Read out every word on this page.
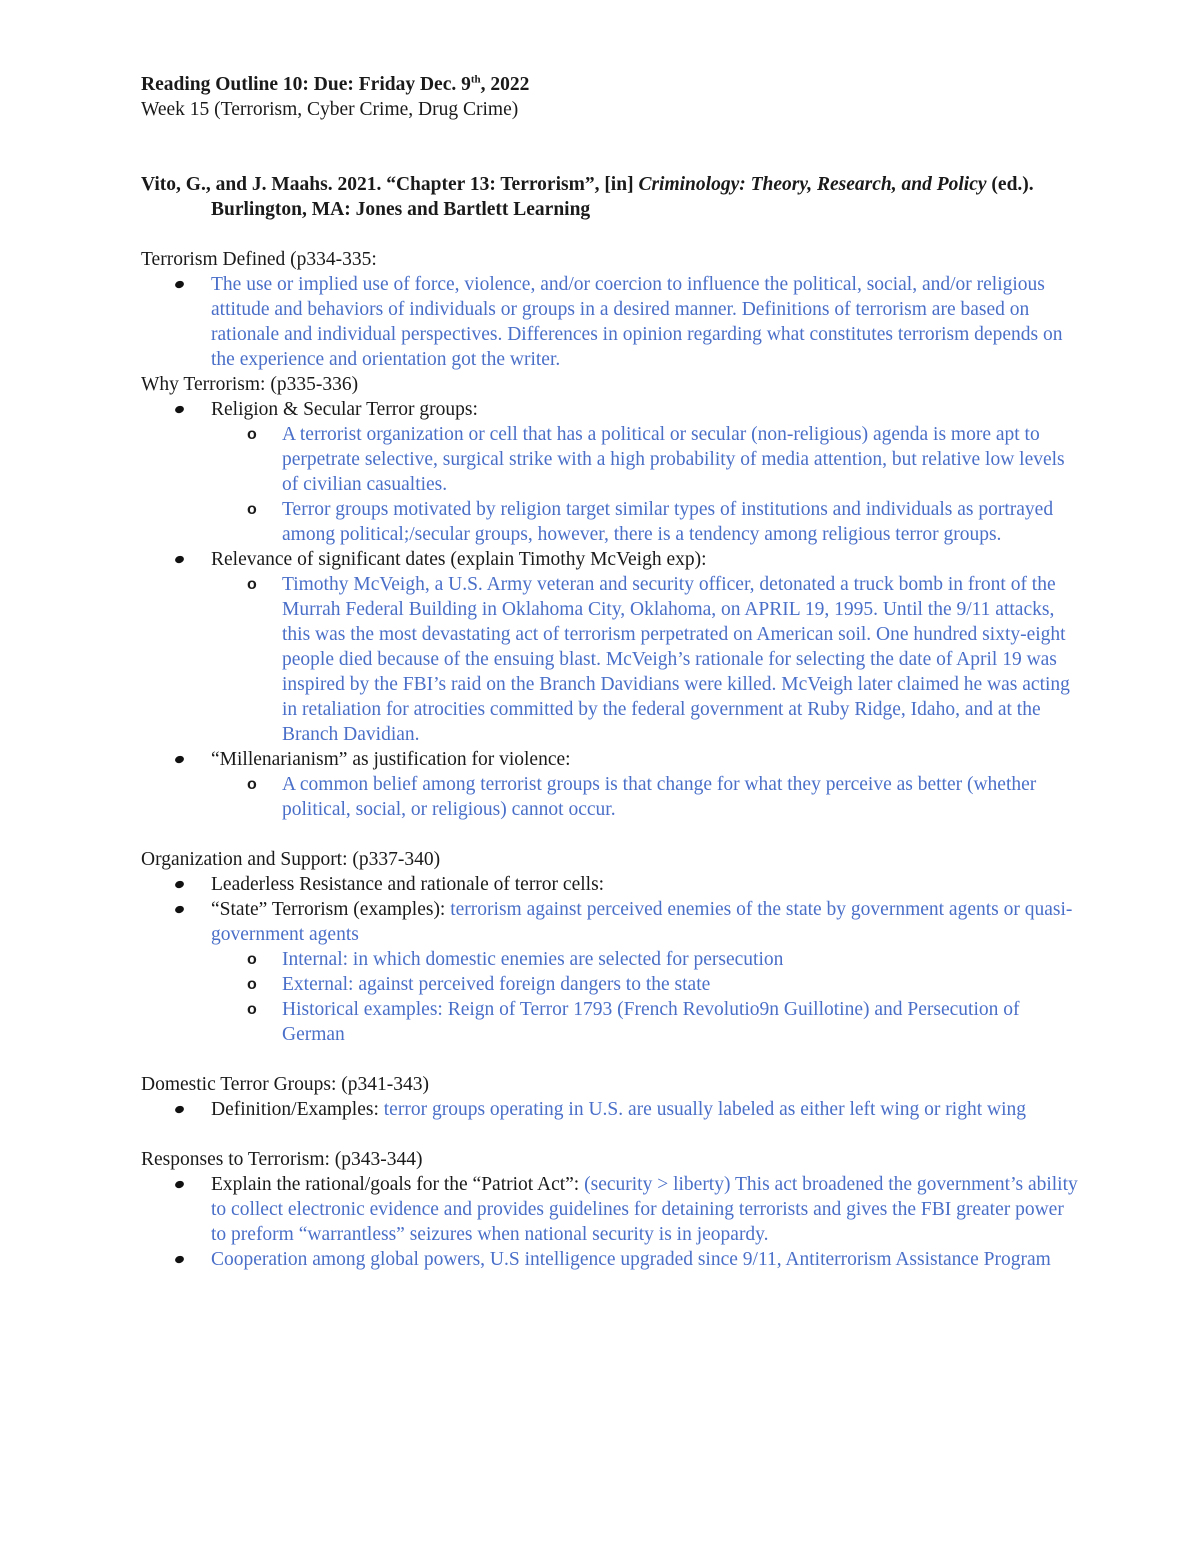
Reading Outline 10: Due: Friday Dec. 9th, 2022
Week 15 (Terrorism, Cyber Crime, Drug Crime)
Vito, G., and J. Maahs. 2021. “Chapter 13: Terrorism”, [in] Criminology: Theory, Research, and Policy (ed.). Burlington, MA: Jones and Bartlett Learning
Terrorism Defined (p334-335:
The use or implied use of force, violence, and/or coercion to influence the political, social, and/or religious attitude and behaviors of individuals or groups in a desired manner. Definitions of terrorism are based on rationale and individual perspectives. Differences in opinion regarding what constitutes terrorism depends on the experience and orientation got the writer.
Why Terrorism: (p335-336)
Religion & Secular Terror groups:
o A terrorist organization or cell that has a political or secular (non-religious) agenda is more apt to perpetrate selective, surgical strike with a high probability of media attention, but relative low levels of civilian casualties.
o Terror groups motivated by religion target similar types of institutions and individuals as portrayed among political;/secular groups, however, there is a tendency among religious terror groups.
Relevance of significant dates (explain Timothy McVeigh exp):
o Timothy McVeigh, a U.S. Army veteran and security officer, detonated a truck bomb in front of the Murrah Federal Building in Oklahoma City, Oklahoma, on APRIL 19, 1995. Until the 9/11 attacks, this was the most devastating act of terrorism perpetrated on American soil. One hundred sixty-eight people died because of the ensuing blast. McVeigh’s rationale for selecting the date of April 19 was inspired by the FBI’s raid on the Branch Davidians were killed. McVeigh later claimed he was acting in retaliation for atrocities committed by the federal government at Ruby Ridge, Idaho, and at the Branch Davidian.
“Millenarianism” as justification for violence:
o A common belief among terrorist groups is that change for what they perceive as better (whether political, social, or religious) cannot occur.
Organization and Support: (p337-340)
Leaderless Resistance and rationale of terror cells:
“State” Terrorism (examples): terrorism against perceived enemies of the state by government agents or quasi-government agents
o Internal: in which domestic enemies are selected for persecution
o External: against perceived foreign dangers to the state
o Historical examples: Reign of Terror 1793 (French Revolutio9n Guillotine) and Persecution of German
Domestic Terror Groups: (p341-343)
Definition/Examples: terror groups operating in U.S. are usually labeled as either left wing or right wing
Responses to Terrorism: (p343-344)
Explain the rational/goals for the “Patriot Act”: (security > liberty) This act broadened the government’s ability to collect electronic evidence and provides guidelines for detaining terrorists and gives the FBI greater power to preform “warrantless” seizures when national security is in jeopardy.
Cooperation among global powers, U.S intelligence upgraded since 9/11, Antiterrorism Assistance Program
